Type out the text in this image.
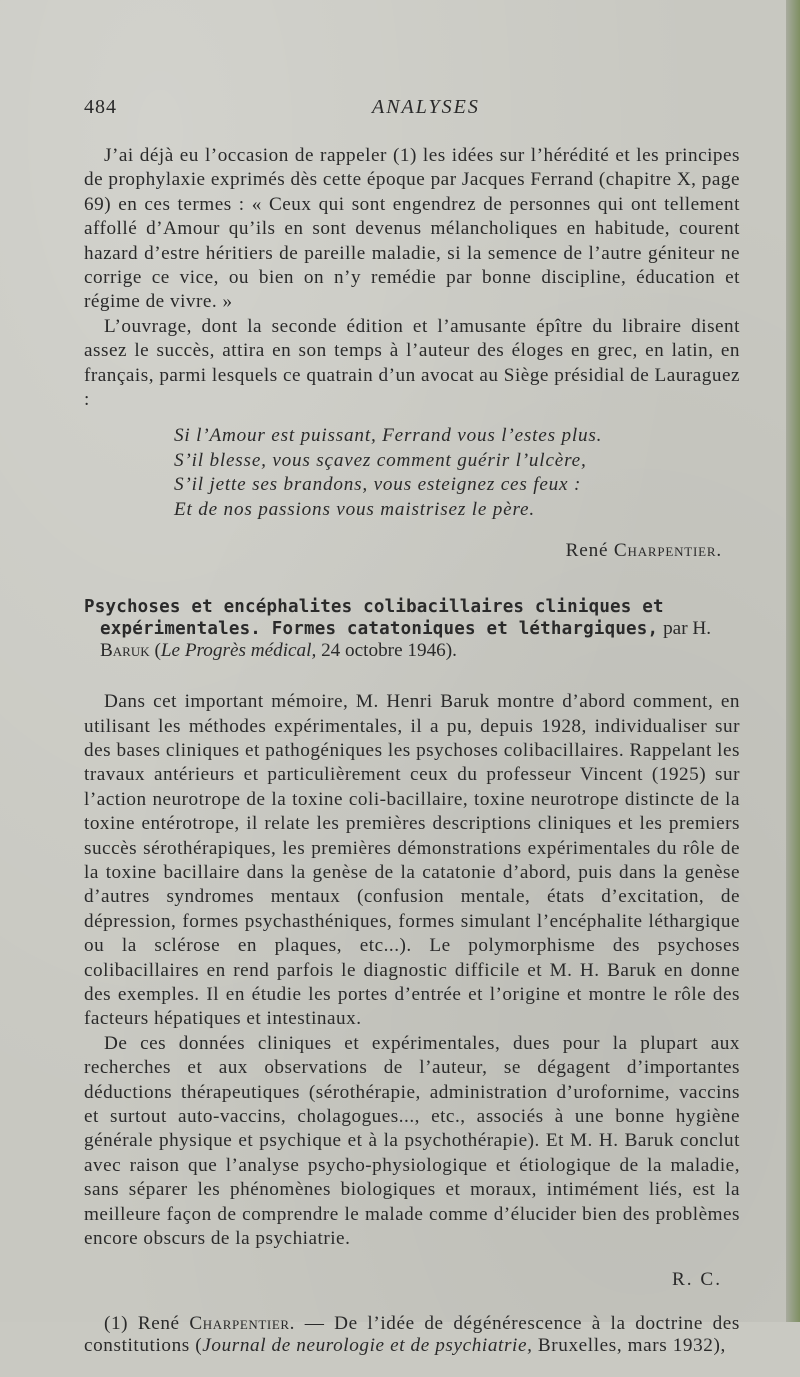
484	ANALYSES

J’ai déjà eu l’occasion de rappeler (1) les idées sur l’hérédité et les principes de prophylaxie exprimés dès cette époque par Jacques Ferrand (chapitre X, page 69) en ces termes : « Ceux qui sont engendrez de personnes qui ont tellement affollé d’Amour qu’ils en sont devenus mélancholiques en habitude, courent hazard d’estre héritiers de pareille maladie, si la semence de l’autre géniteur ne corrige ce vice, ou bien on n’y remédie par bonne discipline, éducation et régime de vivre. »

L’ouvrage, dont la seconde édition et l’amusante épître du libraire disent assez le succès, attira en son temps à l’auteur des éloges en grec, en latin, en français, parmi lesquels ce quatrain d’un avocat au Siège présidial de Lauraguez :

Si l’Amour est puissant, Ferrand vous l’estes plus.
S’il blesse, vous sçavez comment guérir l’ulcère,
S’il jette ses brandons, vous esteignez ces feux :
Et de nos passions vous maistrisez le père.
René Charpentier.
Psychoses et encéphalites colibacillaires cliniques et expérimentales. Formes catatoniques et léthargiques, par H. Baruk (Le Progrès médical, 24 octobre 1946).

Dans cet important mémoire, M. Henri Baruk montre d’abord comment, en utilisant les méthodes expérimentales, il a pu, depuis 1928, individualiser sur des bases cliniques et pathogéniques les psychoses colibacillaires. Rappelant les travaux antérieurs et particulièrement ceux du professeur Vincent (1925) sur l’action neurotrope de la toxine coli-bacillaire, toxine neurotrope distincte de la toxine entérotrope, il relate les premières descriptions cliniques et les premiers succès sérothérapiques, les premières démonstrations expérimentales du rôle de la toxine bacillaire dans la genèse de la catatonie d’abord, puis dans la genèse d’autres syndromes mentaux (confusion mentale, états d’excitation, de dépression, formes psychasthéniques, formes simulant l’encéphalite léthargique ou la sclérose en plaques, etc...). Le polymorphisme des psychoses colibacillaires en rend parfois le diagnostic difficile et M. H. Baruk en donne des exemples. Il en étudie les portes d’entrée et l’origine et montre le rôle des facteurs hépatiques et intestinaux.

De ces données cliniques et expérimentales, dues pour la plupart aux recherches et aux observations de l’auteur, se dégagent d’importantes déductions thérapeutiques (sérothérapie, administration d’urofornime, vaccins et surtout auto-vaccins, cholagogues..., etc., associés à une bonne hygiène générale physique et psychique et à la psychothérapie). Et M. H. Baruk conclut avec raison que l’analyse psycho-physiologique et étiologique de la maladie, sans séparer les phénomènes biologiques et moraux, intimément liés, est la meilleure façon de comprendre le malade comme d’élucider bien des problèmes encore obscurs de la psychiatrie.

R. C.

(1) René Charpentier. — De l’idée de dégénérescence à la doctrine des constitutions (Journal de neurologie et de psychiatrie, Bruxelles, mars 1932),
